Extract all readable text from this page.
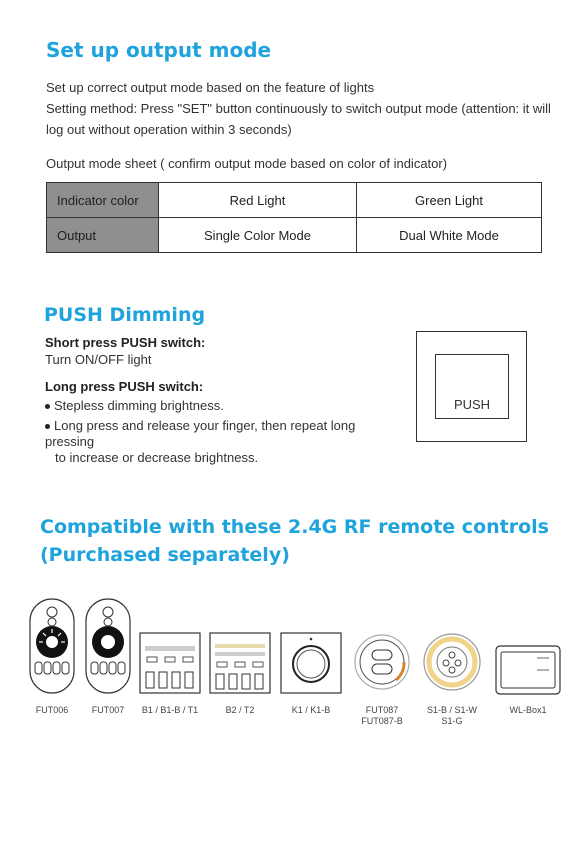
Set up output mode
Set up correct output mode based on the feature of lights
Setting method: Press "SET" button continuously to switch output mode (attention: it will log out without operation within 3 seconds)
Output mode sheet ( confirm output mode based on color of indicator)
Indicator color	Red Light	Green Light
Output	Single Color Mode	Dual White Mode
PUSH Dimming
Short press PUSH switch:
Turn ON/OFF light
Long press PUSH switch:
Stepless dimming brightness.
Long press and release your finger, then repeat long pressing
to increase or decrease brightness.
PUSH
Compatible with these 2.4G RF remote controls
(Purchased separately)
FUT006	FUT007	B1 / B1-B / T1	B2 / T2	K1 / K1-B	FUT087
FUT087-B
S1-B / S1-W
S1-G
WL-Box1
